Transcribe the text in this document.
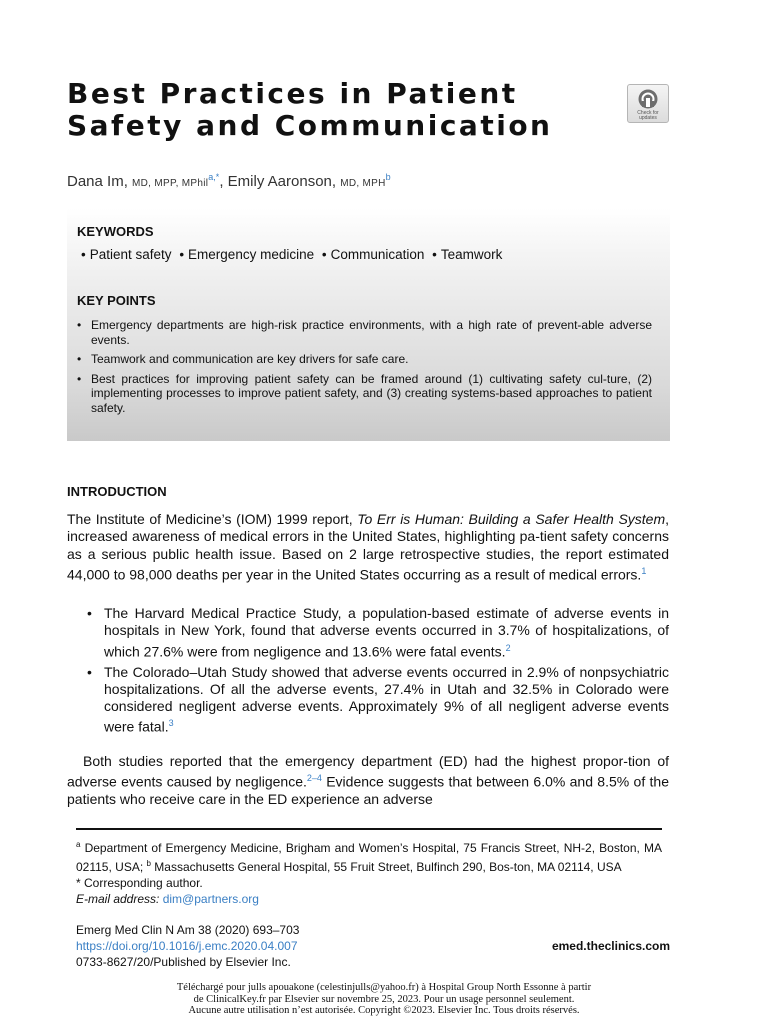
Best Practices in Patient
Safety and Communication	Check for updates
Dana Im, MD, MPP, MPhil$^{a,*}$, Emily Aaronson, MD, MPH$^b$
KEYWORDS
• Patient safety • Emergency medicine • Communication • Teamwork
KEY POINTS
• Emergency departments are high-risk practice environments, with a high rate of prevent-able adverse events.
• Teamwork and communication are key drivers for safe care.
• Best practices for improving patient safety can be framed around (1) cultivating safety cul-ture, (2) implementing processes to improve patient safety, and (3) creating systems-based approaches to patient safety.
INTRODUCTION

The Institute of Medicine’s (IOM) 1999 report, To Err is Human: Building a Safer Health System, increased awareness of medical errors in the United States, highlighting pa-tient safety concerns as a serious public health issue. Based on 2 large retrospective studies, the report estimated 44,000 to 98,000 deaths per year in the United States occurring as a result of medical errors.$^1$

• The Harvard Medical Practice Study, a population-based estimate of adverse events in hospitals in New York, found that adverse events occurred in 3.7% of hospitalizations, of which 27.6% were from negligence and 13.6% were fatal events.$^2$
• The Colorado–Utah Study showed that adverse events occurred in 2.9% of nonpsychiatric hospitalizations. Of all the adverse events, 27.4% in Utah and 32.5% in Colorado were considered negligent adverse events. Approximately 9% of all negligent adverse events were fatal.$^3$

Both studies reported that the emergency department (ED) had the highest propor-tion of adverse events caused by negligence.$^{2-4}$ Evidence suggests that between 6.0% and 8.5% of the patients who receive care in the ED experience an adverse

$^a$ Department of Emergency Medicine, Brigham and Women’s Hospital, 75 Francis Street, NH-2, Boston, MA 02115, USA; $^b$ Massachusetts General Hospital, 55 Fruit Street, Bulfinch 290, Bos-ton, MA 02114, USA

* Corresponding author.

E-mail address: dim@partners.org

Emerg Med Clin N Am 38 (2020) 693–703

https://doi.org/10.1016/j.emc.2020.04.007

0733-8627/20/Published by Elsevier Inc.

emed.theclinics.com

Téléchargé pour julls apouakone (celestinjulls@yahoo.fr) à Hospital Group North Essonne à partir

de ClinicalKey.fr par Elsevier sur novembre 25, 2023. Pour un usage personnel seulement.

Aucune autre utilisation n’est autorisée. Copyright ©2023. Elsevier Inc. Tous droits réservés.
